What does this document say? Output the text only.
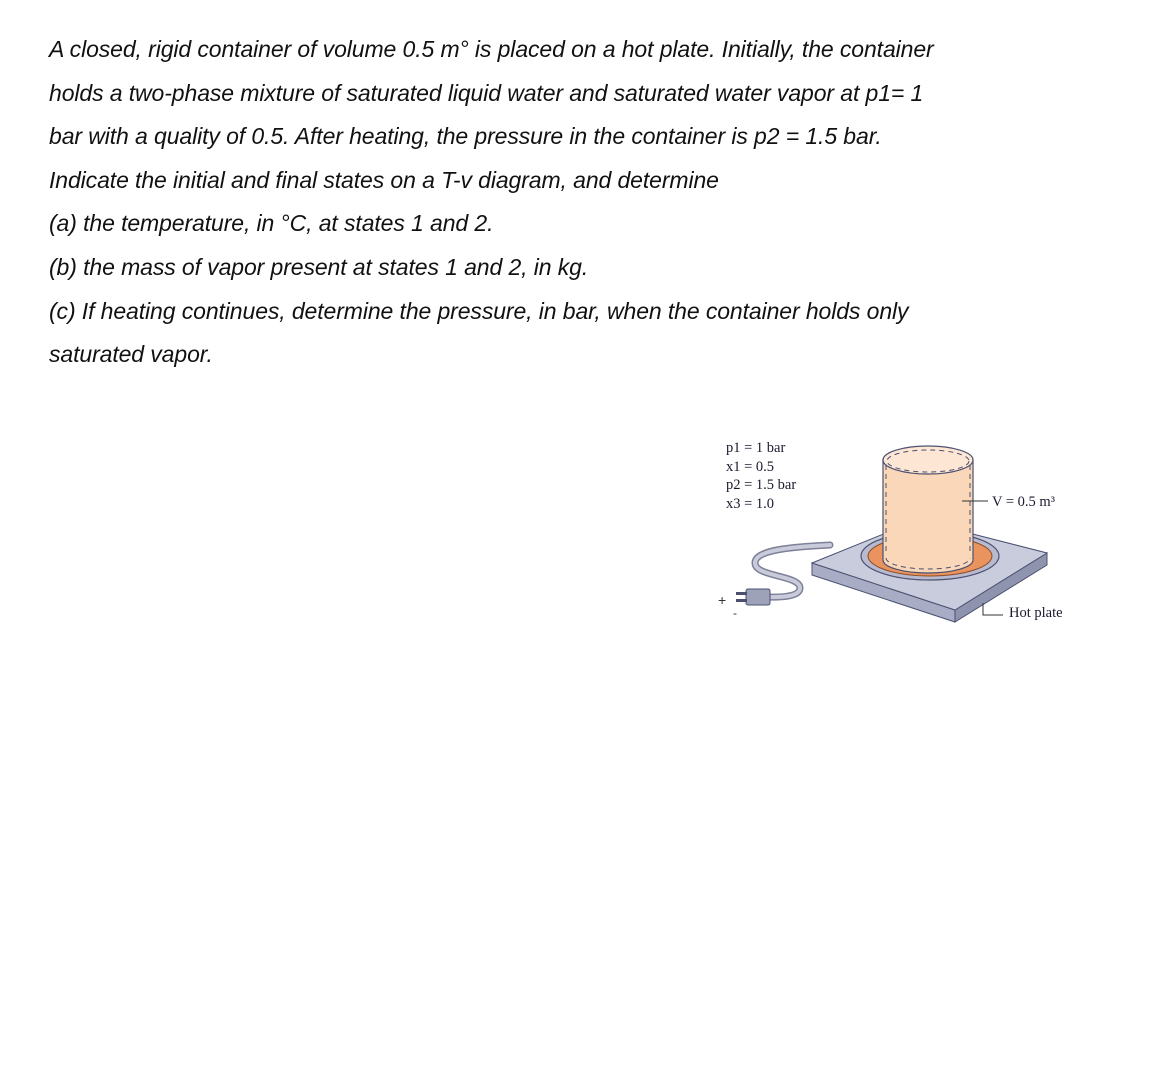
A closed, rigid container of volume 0.5 m° is placed on a hot plate. Initially, the container
holds a two-phase mixture of saturated liquid water and saturated water vapor at p1= 1
bar with a quality of 0.5. After heating, the pressure in the container is p2 = 1.5 bar.
Indicate the initial and final states on a T-v diagram, and determine
(a) the temperature, in °C, at states 1 and 2.
(b) the mass of vapor present at states 1 and 2, in kg.
(c) If heating continues, determine the pressure, in bar, when the container holds only
saturated vapor.
p1 = 1 bar
x1 = 0.5
p2 = 1.5 bar
x3 = 1.0
+
-
V = 0.5 m³
Hot plate
